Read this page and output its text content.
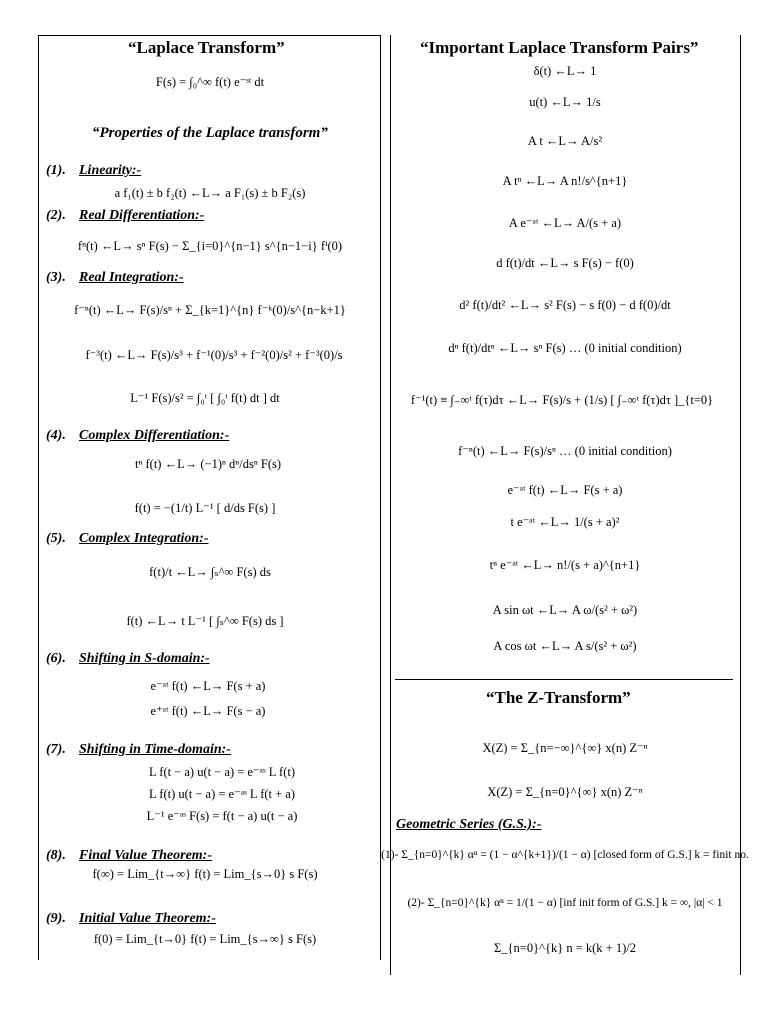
“Laplace Transform”
F(s) = ∫₀^∞ f(t) e⁻ˢᵗ dt
“Properties of the Laplace transform”
(1). Linearity:-
a f₁(t) ± b f₂(t) ←L→ a F₁(s) ± b F₂(s)
(2). Real Differentiation:-
fⁿ(t) ←L→ sⁿ F(s) − Σ_{i=0}^{n−1} s^{n−1−i} fⁱ(0)
(3). Real Integration:-
f⁻ⁿ(t) ←L→ F(s)/sⁿ + Σ_{k=1}^{n} f⁻ᵏ(0)/s^{n−k+1}
f⁻³(t) ←L→ F(s)/s³ + f⁻¹(0)/s³ + f⁻²(0)/s² + f⁻³(0)/s
L⁻¹ F(s)/s² = ∫₀ᵗ [ ∫₀ᵗ f(t) dt ] dt
(4). Complex Differentiation:-
tⁿ f(t) ←L→ (−1)ⁿ dⁿ/dsⁿ F(s)
f(t) = −(1/t) L⁻¹ [ d/ds F(s) ]
(5). Complex Integration:-
f(t)/t ←L→ ∫ₛ^∞ F(s) ds
f(t) ←L→ t L⁻¹ [ ∫ₛ^∞ F(s) ds ]
(6). Shifting in S-domain:-
e⁻ᵃᵗ f(t) ←L→ F(s + a)
e⁺ᵃᵗ f(t) ←L→ F(s − a)
(7). Shifting in Time-domain:-
L f(t − a) u(t − a) = e⁻ᵃˢ L f(t)
L f(t) u(t − a) = e⁻ᵃˢ L f(t + a)
L⁻¹ e⁻ᵃˢ F(s) = f(t − a) u(t − a)
(8). Final Value Theorem:-
f(∞) = Lim_{t→∞} f(t) = Lim_{s→0} s F(s)
(9). Initial Value Theorem:-
f(0) = Lim_{t→0} f(t) = Lim_{s→∞} s F(s)
“Important Laplace Transform Pairs”
δ(t) ←L→ 1
u(t) ←L→ 1/s
A t ←L→ A/s²
A tⁿ ←L→ A n!/s^{n+1}
A e⁻ᵃᵗ ←L→ A/(s + a)
d f(t)/dt ←L→ s F(s) − f(0)
d² f(t)/dt² ←L→ s² F(s) − s f(0) − d f(0)/dt
dⁿ f(t)/dtⁿ ←L→ sⁿ F(s) … (0 initial condition)
f⁻¹(t) ≡ ∫₋∞ᵗ f(τ)dτ ←L→ F(s)/s + (1/s) [ ∫₋∞ᵗ f(τ)dτ ]_{t=0}
f⁻ⁿ(t) ←L→ F(s)/sⁿ … (0 initial condition)
e⁻ᵃᵗ f(t) ←L→ F(s + a)
t e⁻ᵃᵗ ←L→ 1/(s + a)²
tⁿ e⁻ᵃᵗ ←L→ n!/(s + a)^{n+1}
A sin ωt ←L→ A ω/(s² + ω²)
A cos ωt ←L→ A s/(s² + ω²)
“The Z-Transform”
X(Z) = Σ_{n=−∞}^{∞} x(n) Z⁻ⁿ
X(Z) = Σ_{n=0}^{∞} x(n) Z⁻ⁿ
Geometric Series (G.S.):-
(1)- Σ_{n=0}^{k} αⁿ = (1 − α^{k+1})/(1 − α) [closed form of G.S.] k = finit no.
(2)- Σ_{n=0}^{k} αⁿ = 1/(1 − α) [inf init form of G.S.] k = ∞, |α| < 1
Σ_{n=0}^{k} n = k(k + 1)/2
